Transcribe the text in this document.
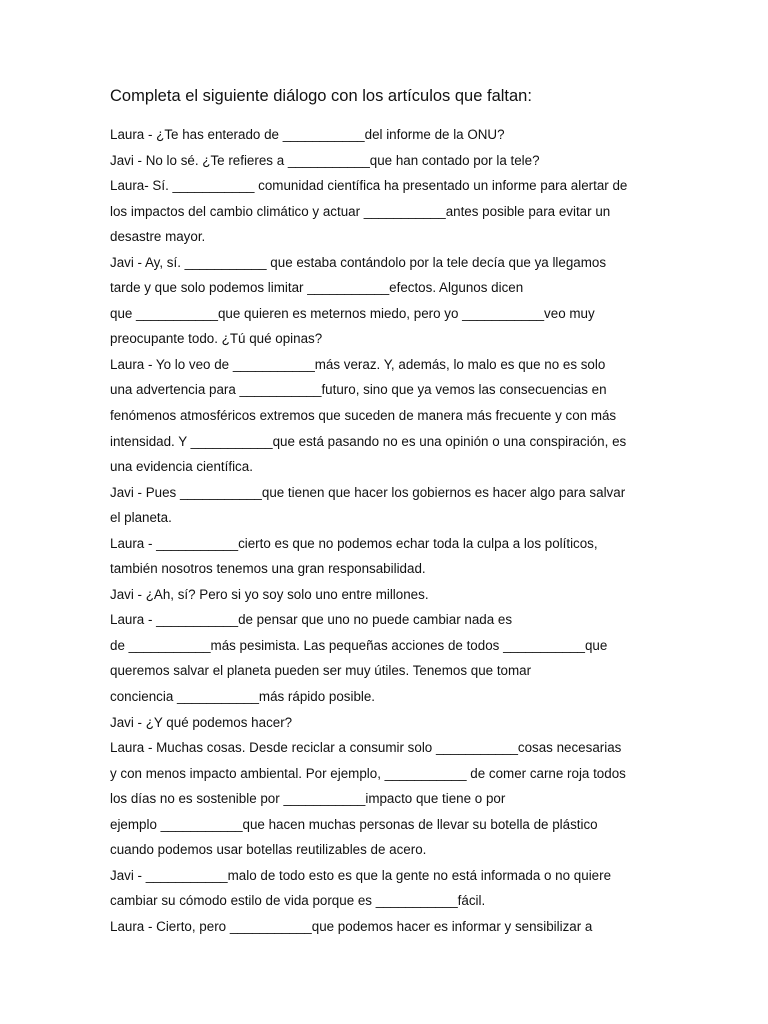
Completa el siguiente diálogo con los artículos que faltan:
Laura - ¿Te has enterado de ___________del informe de la ONU?
Javi - No lo sé. ¿Te refieres a ___________que han contado por la tele?
Laura- Sí. ___________ comunidad científica ha presentado un informe para alertar de
los impactos del cambio climático y actuar ___________antes posible para evitar un
desastre mayor.
Javi - Ay, sí. ___________ que estaba contándolo por la tele decía que ya llegamos
tarde y que solo podemos limitar ___________efectos. Algunos dicen
que ___________que quieren es meternos miedo, pero yo ___________veo muy
preocupante todo. ¿Tú qué opinas?
Laura - Yo lo veo de ___________más veraz. Y, además, lo malo es que no es solo
una advertencia para ___________futuro, sino que ya vemos las consecuencias en
fenómenos atmosféricos extremos que suceden de manera más frecuente y con más
intensidad. Y ___________que está pasando no es una opinión o una conspiración, es
una evidencia científica.
Javi - Pues ___________que tienen que hacer los gobiernos es hacer algo para salvar
el planeta.
Laura - ___________cierto es que no podemos echar toda la culpa a los políticos,
también nosotros tenemos una gran responsabilidad.
Javi - ¿Ah, sí? Pero si yo soy solo uno entre millones.
Laura - ___________de pensar que uno no puede cambiar nada es
de ___________más pesimista. Las pequeñas acciones de todos ___________que
queremos salvar el planeta pueden ser muy útiles. Tenemos que tomar
conciencia ___________más rápido posible.
Javi - ¿Y qué podemos hacer?
Laura - Muchas cosas. Desde reciclar a consumir solo ___________cosas necesarias
y con menos impacto ambiental. Por ejemplo, ___________ de comer carne roja todos
los días no es sostenible por ___________impacto que tiene o por
ejemplo ___________que hacen muchas personas de llevar su botella de plástico
cuando podemos usar botellas reutilizables de acero.
Javi - ___________malo de todo esto es que la gente no está informada o no quiere
cambiar su cómodo estilo de vida porque es ___________fácil.
Laura - Cierto, pero ___________que podemos hacer es informar y sensibilizar a
